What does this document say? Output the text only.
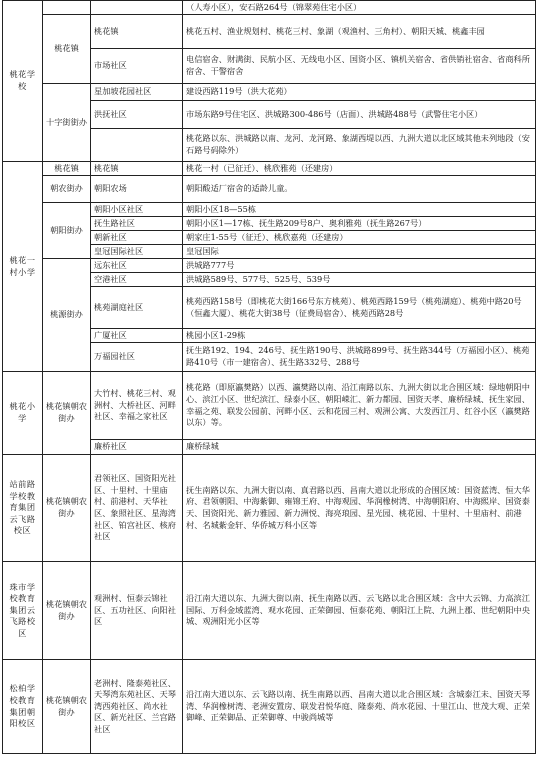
桃花学校			（人寿小区），安石路264号（锦翠苑住宅小区）
	桃花镇	桃花镇	桃花五村、渔业规划村、桃花三村、象湖（观渔村、三角村）、朝阳天城、桃鑫丰园
		市场社区	电信宿舍、财满街、民航小区、无线电小区、国资小区、镇机关宿舍、省供销社宿舍、省商科所宿舍、干警宿舍
	十字街街办	星加坡花园社区	建设西路119号（洪大花苑）
		洪抚社区	市场东路9号住宅区、洪城路300-486号（店面）、洪城路488号（武警住宅小区）
			桃花路以东、洪城路以南、龙河、龙河路、象湖西堤以西、九洲大道以北区域其他未列地段（安石路号码除外）
桃花一村小学	桃花镇	桃花镇	桃花一村（已征迁）、桃欣雅苑（还建房）
	朝农街办	朝阳农场	朝阳酸适厂宿舍的适龄儿童。
	朝阳街办	朝阳小区社区	朝阳小区18—55栋
		抚生路社区	朝阳小区1—17栋、抚生路209号8户、奥利雅苑（抚生路267号）
		朝新社区	朝家庄1-55号（征迁）、桃欣嘉苑（还建房）
		皇冠国际社区	皇冠国际
	桃源街办	远东社区	洪城路777号
		空港社区	洪城路589号、577号、525号、539号
		桃苑湖庭社区	桃苑西路158号（即桃花大街166号东方桃苑）、桃苑西路159号（桃苑湖庭）、桃苑中路20号（恒鑫大厦）、桃花大街38号（征费局宿舍）、桃苑西路28号
		广厦社区	桃园小区1-29栋
		万福园社区	抚生路192、194、246号、抚生路190号、洪城路899号、抚生路344号（万福园小区）、桃苑路410号（市一建宿舍）、抚生路332号、288号
桃花小学	桃花镇朝农街办	大竹村、桃花三村、观洲村、大桥社区、河畔社区、幸福之家社区	桃花路（即原瀛樊路）以西、瀛樊路以南、沿江南路以东、九洲大街以北合围区域：绿地朝阳中心、滨江小区、世纪滨江、绿泰小区、朝阳嵘汇、新力都园、国资天孝、廉桥绿城、抚生家园、幸福之苑、联发公园前、河畔小区、云和花园三村、观洲公寓、大发西江月、红谷小区（瀛樊路以东）等。
		廉桥社区	廉桥绿城
站前路学校教育集团云飞路校区	桃花镇朝农街办	君领社区、国资阳光社区、十里村、十里庙村、前港村、天华社区、象照社区、星海湾社区、铂宫社区、核府社区	抚生南路以东、九洲大街以南、真君路以西、昌南大道以北形成的合围区域：国资蓝湾、恒大华府、君领朝阳、中海紫御、雍锦王府、中海观园、华润橡树湾、中海朝阳府、中海熙岸、国资泰天、国资阳光、新力雅园、新力洲悦、海亮琅园、星光园、桃花园、十里村、十里庙村、前港村、名城紫金轩、华侨城万科小区等
珠市学校教育集团云飞路校区	桃花镇朝农街办	观洲村、恒泰云锦社区、五功社区、向阳社区	沿江南大道以东、九洲大街以南、抚生南路以西、云飞路以北合围区域：含中大云锦、力高滨江国际、万科金域蓝湾、观水花园、正荣御园、恒泰花苑、朝阳江上院、九洲上郡、世纪朝阳中央城、观洲阳光小区等
松柏学校教育集团朝阳校区	桃花镇朝农街办	老洲村、隆泰苑社区、天琴湾东苑社区、天琴湾西苑社区、尚水社区、新光社区、兰宫路社区	沿江南大道以东、云飞路以南、抚生南路以西、昌南大道以北合围区域：含城泰江未、国资天琴湾、华润橡树湾、老洲安置房、联发君悦华庭、隆泰苑、尚水花园、十里江山、世茂大观、正荣御峰、正荣御品、正荣御尊、中骏尚城等
